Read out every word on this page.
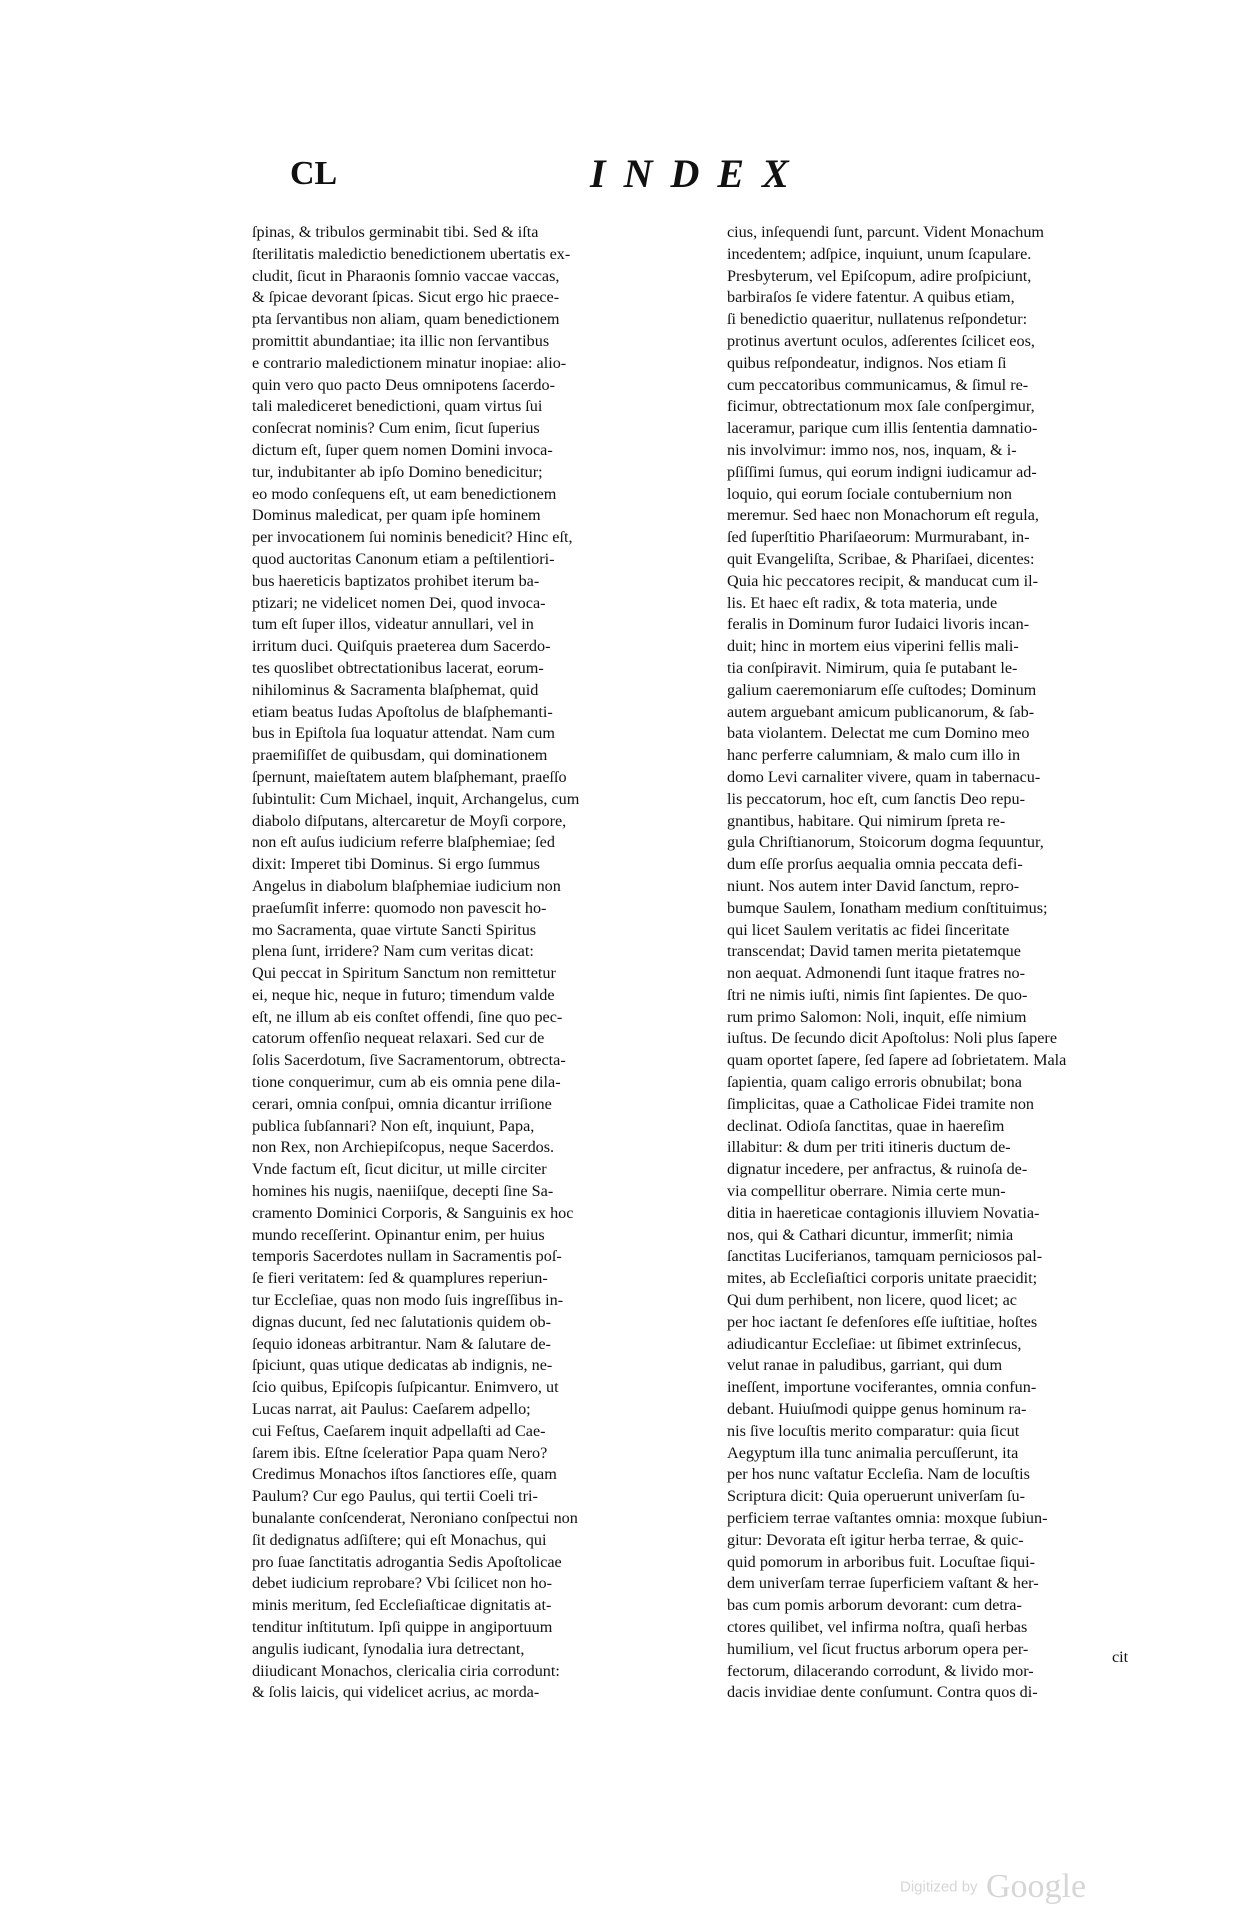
CL	INDEX
ſpinas, & tribulos germinabit tibi. Sed & iſta
ſterilitatis maledictio benedictionem ubertatis ex-
cludit, ſicut in Pharaonis ſomnio vaccae vaccas,
& ſpicae devorant ſpicas. Sicut ergo hic praece-
pta ſervantibus non aliam, quam benedictionem
promittit abundantiae; ita illic non ſervantibus
e contrario maledictionem minatur inopiae: alio-
quin vero quo pacto Deus omnipotens ſacerdo-
tali malediceret benedictioni, quam virtus ſui
conſecrat nominis? Cum enim, ſicut ſuperius
dictum eſt, ſuper quem nomen Domini invoca-
tur, indubitanter ab ipſo Domino benedicitur;
eo modo conſequens eſt, ut eam benedictionem
Dominus maledicat, per quam ipſe hominem
per invocationem ſui nominis benedicit? Hinc eſt,
quod auctoritas Canonum etiam a peſtilentiori-
bus haereticis baptizatos prohibet iterum ba-
ptizari; ne videlicet nomen Dei, quod invoca-
tum eſt ſuper illos, videatur annullari, vel in
irritum duci. Quiſquis praeterea dum Sacerdo-
tes quoslibet obtrectationibus lacerat, eorum-
nihilominus & Sacramenta blaſphemat, quid
etiam beatus Iudas Apoſtolus de blaſphemanti-
bus in Epiſtola ſua loquatur attendat. Nam cum
praemiſiſſet de quibusdam, qui dominationem
ſpernunt, maieſtatem autem blaſphemant, praeſſo
ſubintulit: Cum Michael, inquit, Archangelus, cum
diabolo diſputans, altercaretur de Moyſi corpore,
non eſt auſus iudicium referre blaſphemiae; ſed
dixit: Imperet tibi Dominus. Si ergo ſummus
Angelus in diabolum blaſphemiae iudicium non
praeſumſit inferre: quomodo non pavescit ho-
mo Sacramenta, quae virtute Sancti Spiritus
plena ſunt, irridere? Nam cum veritas dicat:
Qui peccat in Spiritum Sanctum non remittetur
ei, neque hic, neque in futuro; timendum valde
eſt, ne illum ab eis conſtet offendi, ſine quo pec-
catorum offenſio nequeat relaxari. Sed cur de
ſolis Sacerdotum, ſive Sacramentorum, obtrecta-
tione conquerimur, cum ab eis omnia pene dila-
cerari, omnia conſpui, omnia dicantur irriſione
publica ſubſannari? Non eſt, inquiunt, Papa,
non Rex, non Archiepiſcopus, neque Sacerdos.
Vnde factum eſt, ſicut dicitur, ut mille circiter
homines his nugis, naeniiſque, decepti ſine Sa-
cramento Dominici Corporis, & Sanguinis ex hoc
mundo receſſerint. Opinantur enim, per huius
temporis Sacerdotes nullam in Sacramentis poſ-
ſe fieri veritatem: ſed & quamplures reperiun-
tur Eccleſiae, quas non modo ſuis ingreſſibus in-
dignas ducunt, ſed nec ſalutationis quidem ob-
ſequio idoneas arbitrantur. Nam & ſalutare de-
ſpiciunt, quas utique dedicatas ab indignis, ne-
ſcio quibus, Epiſcopis ſuſpicantur. Enimvero, ut
Lucas narrat, ait Paulus: Caeſarem adpello;
cui Feſtus, Caeſarem inquit adpellaſti ad Cae-
ſarem ibis. Eſtne ſceleratior Papa quam Nero?
Credimus Monachos iſtos ſanctiores eſſe, quam
Paulum? Cur ego Paulus, qui tertii Coeli tri-
bunalante conſcenderat, Neroniano conſpectui non
ſit dedignatus adſiſtere; qui eſt Monachus, qui
pro ſuae ſanctitatis adrogantia Sedis Apoſtolicae
debet iudicium reprobare? Vbi ſcilicet non ho-
minis meritum, ſed Eccleſiaſticae dignitatis at-
tenditur inſtitutum. Ipſi quippe in angiportuum
angulis iudicant, ſynodalia iura detrectant,
diiudicant Monachos, clericalia ciria corrodunt:
& ſolis laicis, qui videlicet acrius, ac morda-
cius, inſequendi ſunt, parcunt. Vident Monachum
incedentem; adſpice, inquiunt, unum ſcapulare.
Presbyterum, vel Epiſcopum, adire proſpiciunt,
barbiraſos ſe videre fatentur. A quibus etiam,
ſi benedictio quaeritur, nullatenus reſpondetur:
protinus avertunt oculos, adſerentes ſcilicet eos,
quibus reſpondeatur, indignos. Nos etiam ſi
cum peccatoribus communicamus, & ſimul re-
ficimur, obtrectationum mox ſale conſpergimur,
laceramur, parique cum illis ſententia damnatio-
nis involvimur: immo nos, nos, inquam, & i-
pſiſſimi ſumus, qui eorum indigni iudicamur ad-
loquio, qui eorum ſociale contubernium non
meremur. Sed haec non Monachorum eſt regula,
ſed ſuperſtitio Phariſaeorum: Murmurabant, in-
quit Evangeliſta, Scribae, & Phariſaei, dicentes:
Quia hic peccatores recipit, & manducat cum il-
lis. Et haec eſt radix, & tota materia, unde
feralis in Dominum furor Iudaici livoris incan-
duit; hinc in mortem eius viperini fellis mali-
tia conſpiravit. Nimirum, quia ſe putabant le-
galium caeremoniarum eſſe cuſtodes; Dominum
autem arguebant amicum publicanorum, & ſab-
bata violantem. Delectat me cum Domino meo
hanc perferre calumniam, & malo cum illo in
domo Levi carnaliter vivere, quam in tabernacu-
lis peccatorum, hoc eſt, cum ſanctis Deo repu-
gnantibus, habitare. Qui nimirum ſpreta re-
gula Chriſtianorum, Stoicorum dogma ſequuntur,
dum eſſe prorſus aequalia omnia peccata defi-
niunt. Nos autem inter David ſanctum, repro-
bumque Saulem, Ionatham medium conſtituimus;
qui licet Saulem veritatis ac fidei ſinceritate
transcendat; David tamen merita pietatemque
non aequat. Admonendi ſunt itaque fratres no-
ſtri ne nimis iuſti, nimis ſint ſapientes. De quo-
rum primo Salomon: Noli, inquit, eſſe nimium
iuſtus. De ſecundo dicit Apoſtolus: Noli plus ſapere
quam oportet ſapere, ſed ſapere ad ſobrietatem. Mala
ſapientia, quam caligo erroris obnubilat; bona
ſimplicitas, quae a Catholicae Fidei tramite non
declinat. Odioſa ſanctitas, quae in haereſim
illabitur: & dum per triti itineris ductum de-
dignatur incedere, per anfractus, & ruinoſa de-
via compellitur oberrare. Nimia certe mun-
ditia in haereticae contagionis illuviem Novatia-
nos, qui & Cathari dicuntur, immerſit; nimia
ſanctitas Luciferianos, tamquam perniciosos pal-
mites, ab Eccleſiaſtici corporis unitate praecidit;
Qui dum perhibent, non licere, quod licet; ac
per hoc iactant ſe defenſores eſſe iuſtitiae, hoſtes
adiudicantur Eccleſiae: ut ſibimet extrinſecus,
velut ranae in paludibus, garriant, qui dum
ineſſent, importune vociferantes, omnia confun-
debant. Huiuſmodi quippe genus hominum ra-
nis ſive locuſtis merito comparatur: quia ſicut
Aegyptum illa tunc animalia percuſſerunt, ita
per hos nunc vaſtatur Eccleſia. Nam de locuſtis
Scriptura dicit: Quia operuerunt univerſam ſu-
perficiem terrae vaſtantes omnia: moxque ſubiun-
gitur: Devorata eſt igitur herba terrae, & quic-
quid pomorum in arboribus fuit. Locuſtae ſiqui-
dem univerſam terrae ſuperficiem vaſtant & her-
bas cum pomis arborum devorant: cum detra-
ctores quilibet, vel infirma noſtra, quaſi herbas
humilium, vel ſicut fructus arborum opera per-
fectorum, dilacerando corrodunt, & livido mor-
dacis invidiae dente conſumunt. Contra quos di-
cit
Digitized by Google
